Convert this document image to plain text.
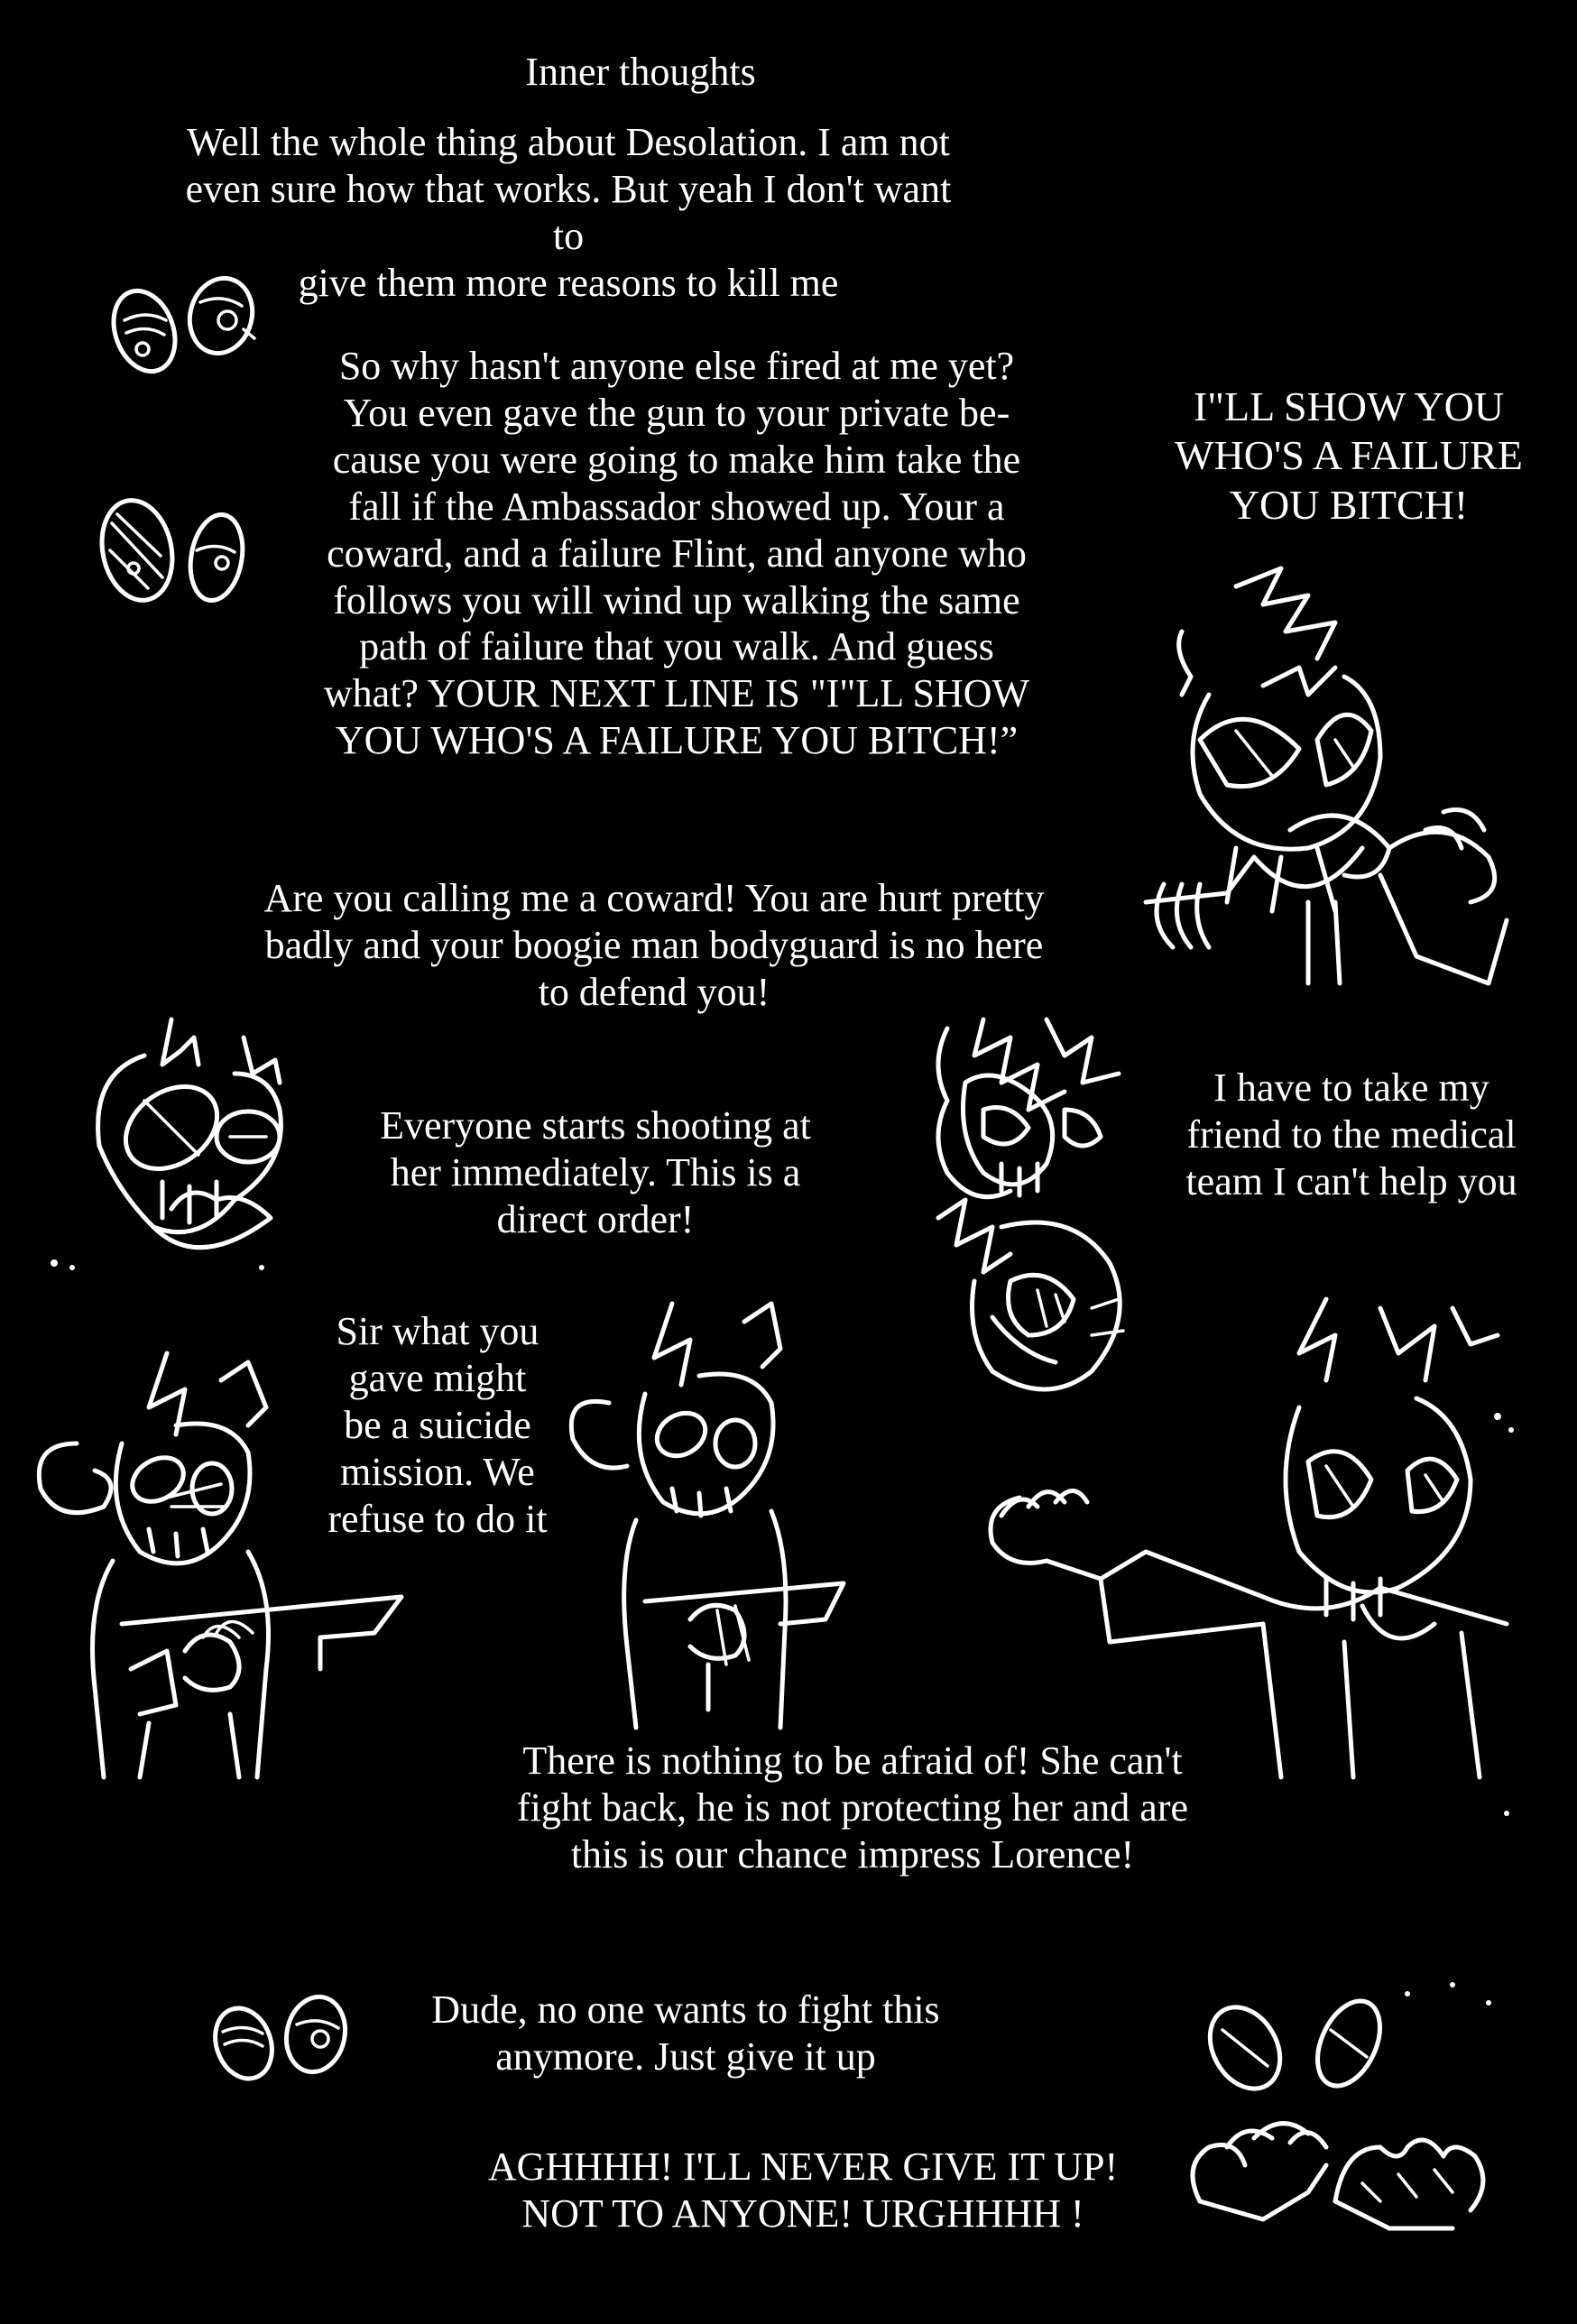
Inner thoughts

Well the whole thing about Desolation. I am not
even sure how that works. But yeah I don't want to
give them more reasons to kill me

So why hasn't anyone else fired at me yet?
You even gave the gun to your private be-
cause you were going to make him take the
fall if the Ambassador showed up. Your a
coward, and a failure Flint, and anyone who
follows you will wind up walking the same
path of failure that you walk. And guess
what? YOUR NEXT LINE IS "I"LL SHOW
YOU WHO'S A FAILURE YOU BITCH!”

I"LL SHOW YOU
WHO'S A FAILURE
YOU BITCH!

Are you calling me a coward! You are hurt pretty
badly and your boogie man bodyguard is no here
to defend you!

Everyone starts shooting at
her immediately. This is a
direct order!

I have to take my
friend to the medical
team I can't help you

Sir what you
gave might
be a suicide
mission. We
refuse to do it

There is nothing to be afraid of! She can't
fight back, he is not protecting her and are
this is our chance impress Lorence!

Dude, no one wants to fight this
anymore. Just give it up

AGHHHH! I'LL NEVER GIVE IT UP!
NOT TO ANYONE! URGHHHH !
